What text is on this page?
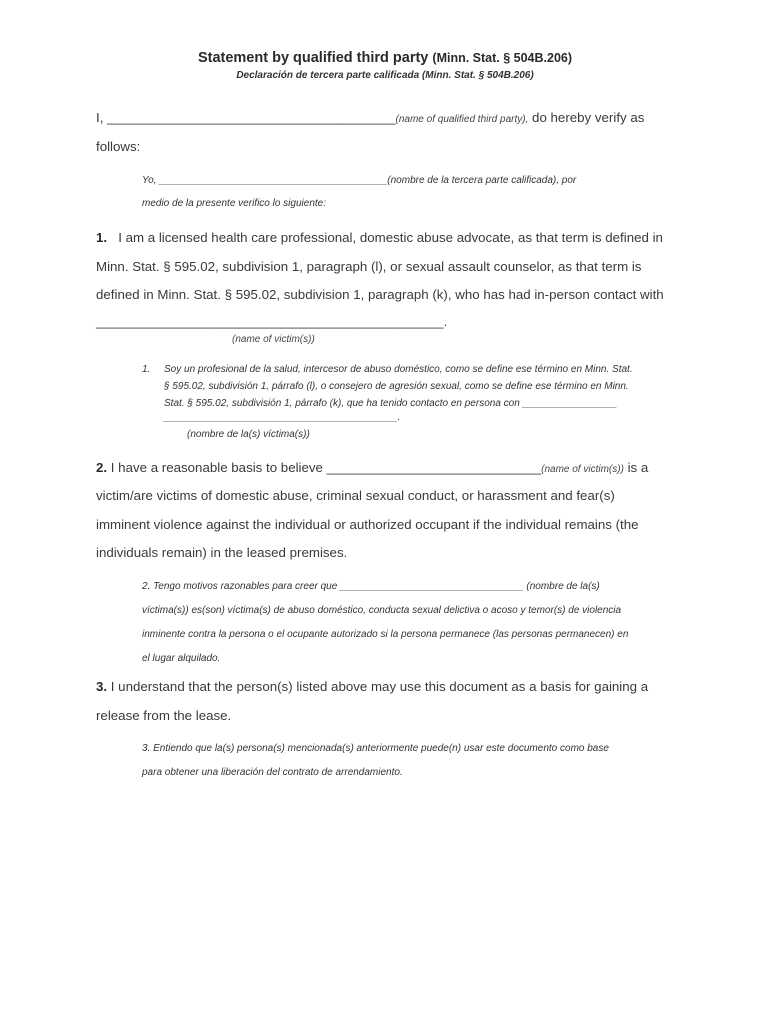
Statement by qualified third party (Minn. Stat. § 504B.206)
Declaración de tercera parte calificada (Minn. Stat. § 504B.206)
I, _______________________________________(name of qualified third party), do hereby verify as
follows:
Yo, _________________________________________(nombre de la tercera parte calificada), por
medio de la presente verifico lo siguiente:
1. I am a licensed health care professional, domestic abuse advocate, as that term is defined in
Minn. Stat. § 595.02, subdivision 1, paragraph (l), or sexual assault counselor, as that term is
defined in Minn. Stat. § 595.02, subdivision 1, paragraph (k), who has had in-person contact with
_______________________________________________.
(name of victim(s))
1. Soy un profesional de la salud, intercesor de abuso doméstico, como se define ese término en Minn. Stat.
§ 595.02, subdivisión 1, párrafo (l), o consejero de agresión sexual, como se define ese término en Minn.
Stat. § 595.02, subdivisión 1, párrafo (k), que ha tenido contacto en persona con _________________
__________________________________________.
(nombre de la(s) víctima(s))
2. I have a reasonable basis to believe _____________________________(name of victim(s)) is a
victim/are victims of domestic abuse, criminal sexual conduct, or harassment and fear(s)
imminent violence against the individual or authorized occupant if the individual remains (the
individuals remain) in the leased premises.
2. Tengo motivos razonables para creer que _________________________________ (nombre de la(s)
víctima(s)) es(son) víctima(s) de abuso doméstico, conducta sexual delictiva o acoso y temor(s) de violencia
inminente contra la persona o el ocupante autorizado si la persona permanece (las personas permanecen) en
el lugar alquilado.
3. I understand that the person(s) listed above may use this document as a basis for gaining a
release from the lease.
3. Entiendo que la(s) persona(s) mencionada(s) anteriormente puede(n) usar este documento como base
para obtener una liberación del contrato de arrendamiento.
